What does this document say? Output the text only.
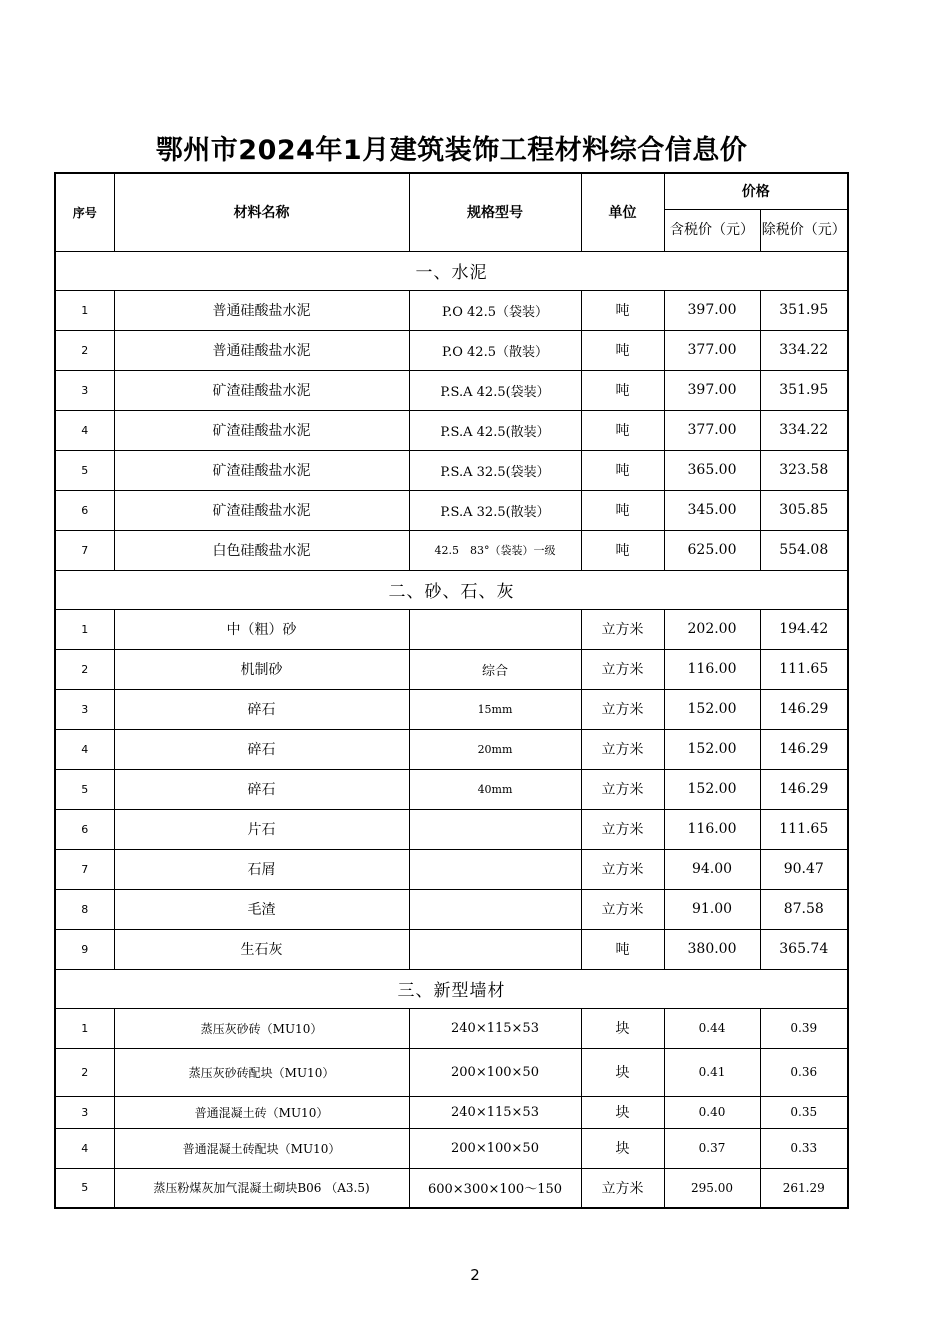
鄂州市2024年1月建筑装饰工程材料综合信息价
序号	材料名称	规格型号	单位	价格	
				含税价（元）	除税价（元）
一、水泥					
1	普通硅酸盐水泥	P.O 42.5（袋装）	吨	397.00	351.95
2	普通硅酸盐水泥	P.O 42.5（散装）	吨	377.00	334.22
3	矿渣硅酸盐水泥	P.S.A 42.5(袋装）	吨	397.00	351.95
4	矿渣硅酸盐水泥	P.S.A 42.5(散装）	吨	377.00	334.22
5	矿渣硅酸盐水泥	P.S.A 32.5(袋装）	吨	365.00	323.58
6	矿渣硅酸盐水泥	P.S.A 32.5(散装）	吨	345.00	305.85
7	白色硅酸盐水泥	42.5　83°（袋装）一级	吨	625.00	554.08
二、砂、石、灰					
1	中（粗）砂		立方米	202.00	194.42
2	机制砂	综合	立方米	116.00	111.65
3	碎石	15mm	立方米	152.00	146.29
4	碎石	20mm	立方米	152.00	146.29
5	碎石	40mm	立方米	152.00	146.29
6	片石		立方米	116.00	111.65
7	石屑		立方米	94.00	90.47
8	毛渣		立方米	91.00	87.58
9	生石灰		吨	380.00	365.74
三、新型墙材					
1	蒸压灰砂砖（MU10）	240×115×53	块	0.44	0.39
2	蒸压灰砂砖配块（MU10）	200×100×50	块	0.41	0.36
3	普通混凝土砖（MU10）	240×115×53	块	0.40	0.35
4	普通混凝土砖配块（MU10）	200×100×50	块	0.37	0.33
5	蒸压粉煤灰加气混凝土砌块B06 （A3.5)	600×300×100～150	立方米	295.00	261.29
2
